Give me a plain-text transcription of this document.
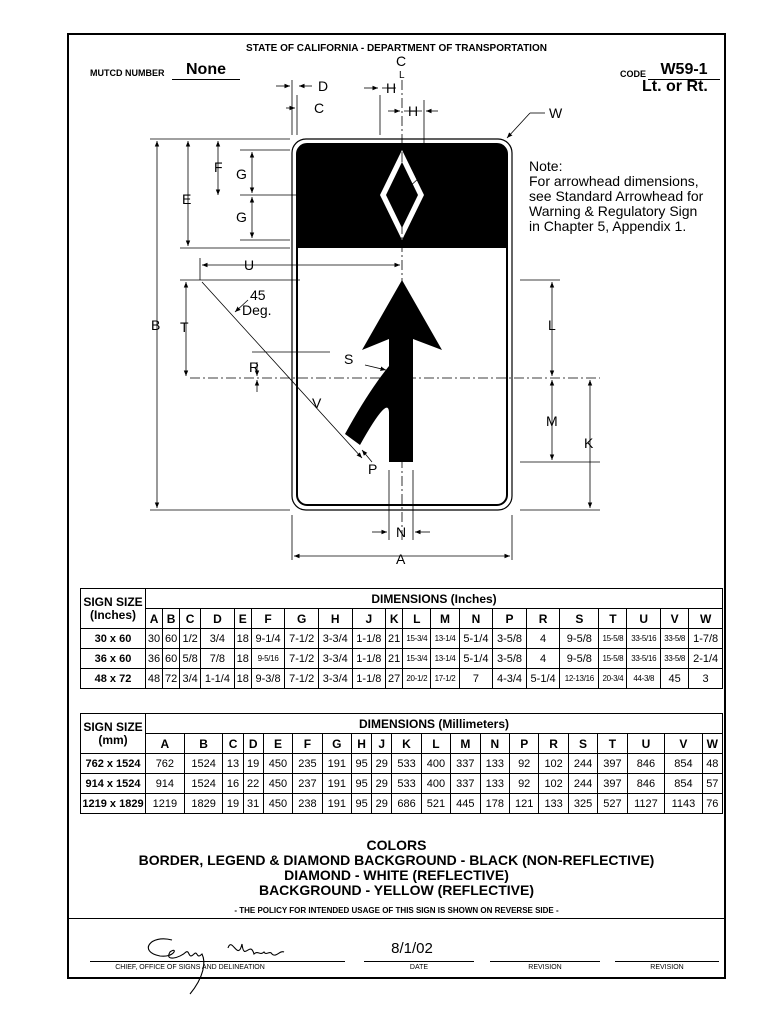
STATE OF CALIFORNIA - DEPARTMENT OF TRANSPORTATION
MUTCD NUMBER	None	CODE W59-1
Lt. or Rt.
B
E
F G
G
T
R
L
M
K
U
A
N
H
H
D
C
C
L
W
J
S
V
P
45
Deg.
Note:
For arrowhead dimensions,
see Standard Arrowhead for
Warning & Regulatory Sign
in Chapter 5, Appendix 1.
SIGN SIZE
(Inches)	DIMENSIONS (Inches)																			
	A	B	C	D	E	F	G	H	J	K	L	M	N	P	R	S	T	U	V	W
30 x 60	30	60	1/2	3/4	18	9-1/4	7-1/2	3-3/4	1-1/8	21	15-3/4	13-1/4	5-1/4	3-5/8	4	9-5/8	15-5/8	33-5/16	33-5/8	1-7/8
36 x 60	36	60	5/8	7/8	18	9-5/16	7-1/2	3-3/4	1-1/8	21	15-3/4	13-1/4	5-1/4	3-5/8	4	9-5/8	15-5/8	33-5/16	33-5/8	2-1/4
48 x 72	48	72	3/4	1-1/4	18	9-3/8	7-1/2	3-3/4	1-1/8	27	20-1/2	17-1/2	7	4-3/4	5-1/4	12-13/16	20-3/4	44-3/8	45	3
SIGN SIZE
(mm)	DIMENSIONS (Millimeters)																			
	A	B	C	D	E	F	G	H	J	K	L	M	N	P	R	S	T	U	V	W
762 x 1524	762	1524	13	19	450	235	191	95	29	533	400	337	133	92	102	244	397	846	854	48
914 x 1524	914	1524	16	22	450	237	191	95	29	533	400	337	133	92	102	244	397	846	854	57
1219 x 1829	1219	1829	19	31	450	238	191	95	29	686	521	445	178	121	133	325	527	1127	1143	76
COLORS
BORDER, LEGEND & DIAMOND BACKGROUND - BLACK (NON-REFLECTIVE)
DIAMOND - WHITE (REFLECTIVE)
BACKGROUND - YELLOW (REFLECTIVE)
- THE POLICY FOR INTENDED USAGE OF THIS SIGN IS SHOWN ON REVERSE SIDE -
CHIEF, OFFICE OF SIGNS AND DELINEATION
8/1/02
DATE	REVISION	REVISION
